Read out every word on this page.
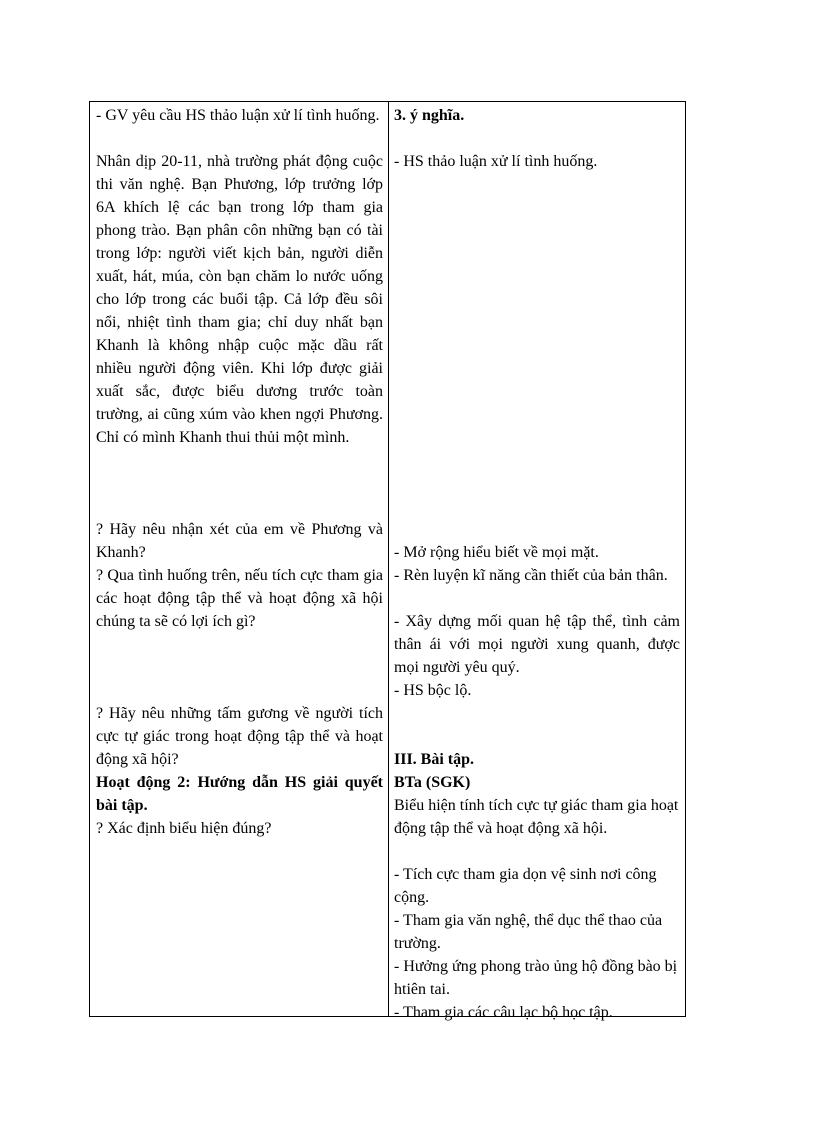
- GV yêu cầu HS thảo luận xử lí tình huống.

Nhân dịp 20-11, nhà trường phát động cuộc thi văn nghệ. Bạn Phương, lớp trưởng lớp 6A khích lệ các bạn trong lớp tham gia phong trào. Bạn phân côn những bạn có tài trong lớp: người viết kịch bản, người diễn xuất, hát, múa, còn bạn chăm lo nước uống cho lớp trong các buổi tập. Cả lớp đều sôi nổi, nhiệt tình tham gia; chỉ duy nhất bạn Khanh là không nhập cuộc mặc dầu rất nhiều người động viên. Khi lớp được giải xuất sắc, được biểu dương trước toàn trường, ai cũng xúm vào khen ngợi Phương. Chỉ có mình Khanh thui thủi một mình.

? Hãy nêu nhận xét của em về Phương và Khanh?

? Qua tình huống trên, nếu tích cực tham gia các hoạt động tập thể và hoạt động xã hội chúng ta sẽ có lợi ích gì?

? Hãy nêu những tấm gương về người tích cực tự giác trong hoạt động tập thể và hoạt động xã hội?

Hoạt động 2: Hướng dẫn HS giải quyết bài tập.

? Xác định biểu hiện đúng?

3. ý nghĩa.

- HS thảo luận xử lí tình huống.

- Mở rộng hiểu biết về mọi mặt.

- Rèn luyện kĩ năng cần thiết của bản thân.

- Xây dựng mối quan hệ tập thể, tình cảm thân ái với mọi người xung quanh, được mọi người yêu quý.

- HS bộc lộ.

III. Bài tập.

BTa (SGK)

Biểu hiện tính tích cực tự giác tham gia hoạt động tập thể và hoạt động xã hội.

- Tích cực tham gia dọn vệ sinh nơi công cộng.

- Tham gia văn nghệ, thể dục thể thao của trường.

- Hưởng ứng phong trào ủng hộ đồng bào bị htiên tai.

- Tham gia các câu lạc bộ học tập.
